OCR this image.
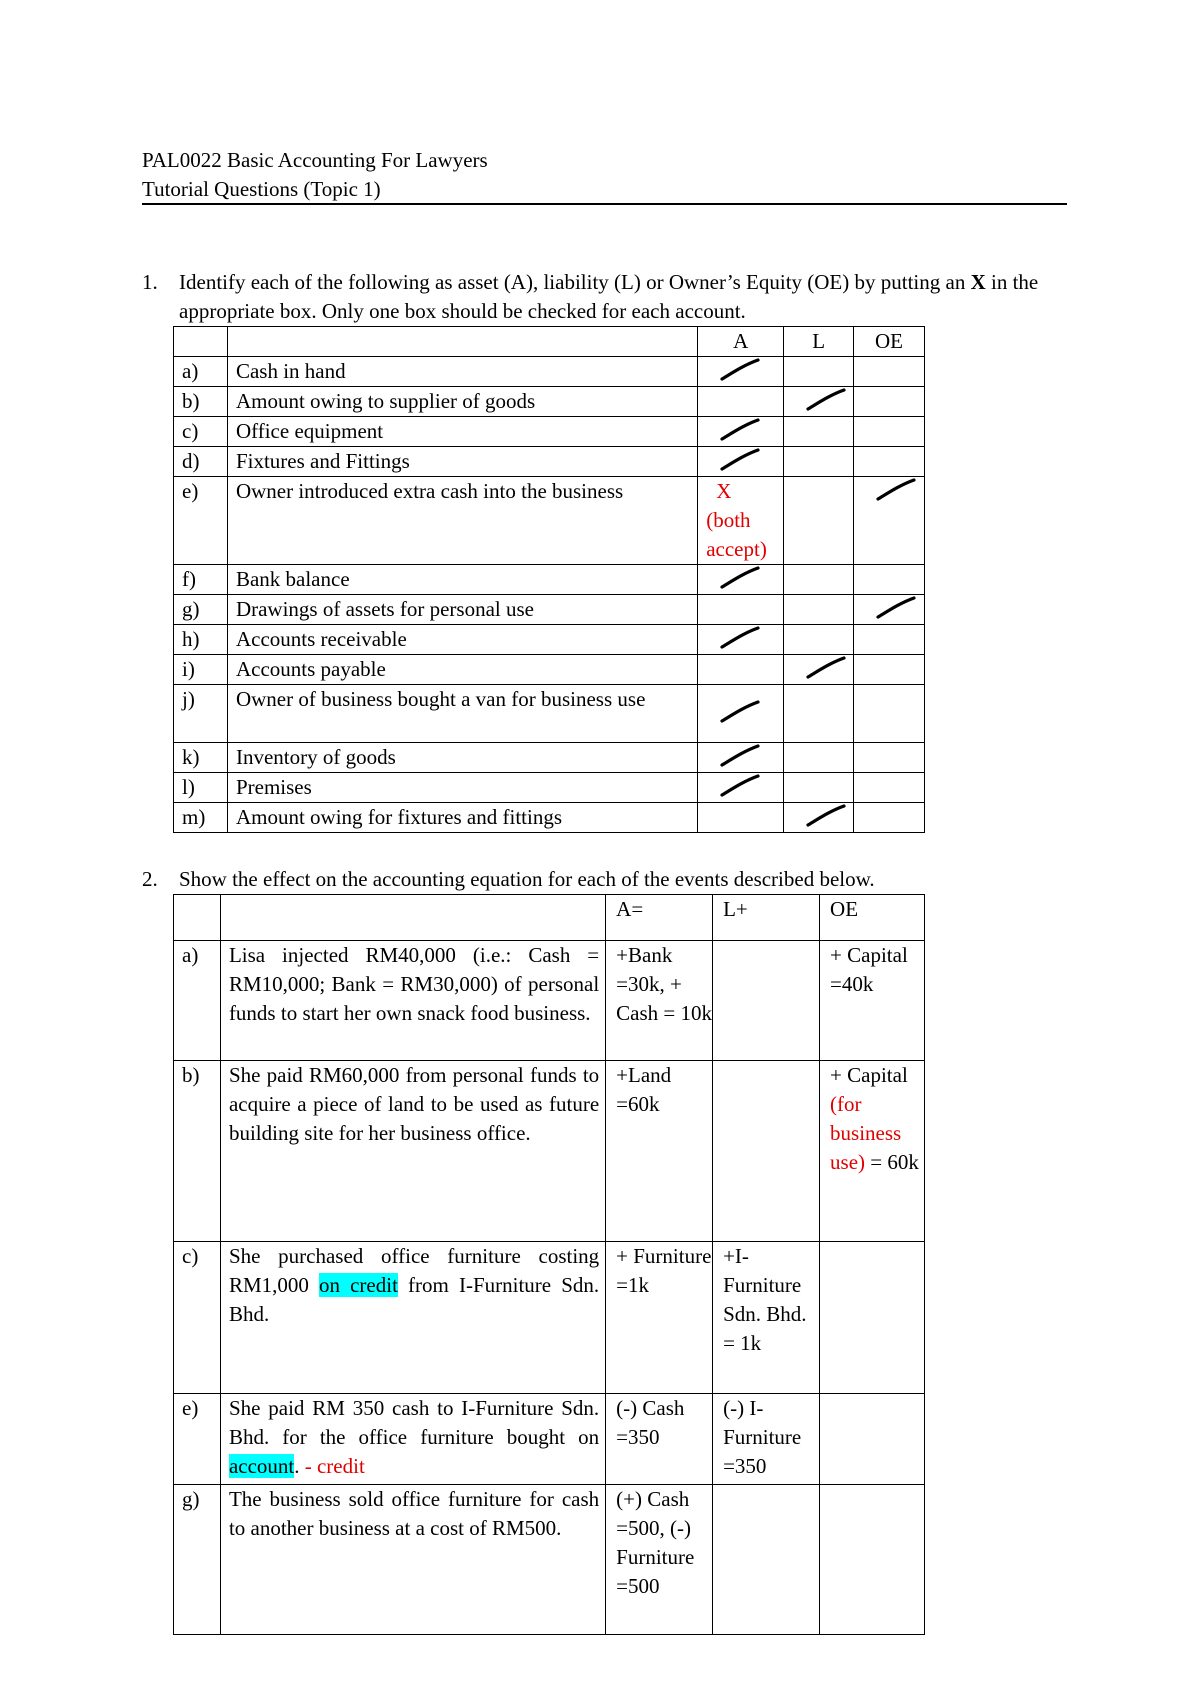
PAL0022 Basic Accounting For Lawyers
Tutorial Questions (Topic 1)
1. Identify each of the following as asset (A), liability (L) or Owner’s Equity (OE) by putting an X in the appropriate box. Only one box should be checked for each account.
		A	L	OE
a)	Cash in hand	

b)	Amount owing to supplier of goods		

c)	Office equipment	

d)	Fixtures and Fittings	

e)	Owner introduced extra cash into the business	X
(both
accept)

f)	Bank balance	

g)	Drawings of assets for personal use			

h)	Accounts receivable	

i)	Accounts payable		

j)	Owner of business bought a van for business use	

k)	Inventory of goods	

l)	Premises	

m)	Amount owing for fixtures and fittings		

2. Show the effect on the accounting equation for each of the events described below.
		A=	L+	OE
a)	Lisa injected RM40,000 (i.e.: Cash = RM10,000; Bank = RM30,000) of personal funds to start her own snack food business.	+Bank =30k, + Cash = 10k		+ Capital =40k
b)	She paid RM60,000 from personal funds to acquire a piece of land to be used as future building site for her business office.	+Land =60k		+ Capital (for business use) = 60k
c)	She purchased office furniture costing RM1,000 on credit from I-Furniture Sdn. Bhd.	+ Furniture =1k	+I-Furniture Sdn. Bhd. = 1k	
e)	She paid RM 350 cash to I-Furniture Sdn. Bhd. for the office furniture bought on account. - credit	(-) Cash =350	(-) I-Furniture =350	
g)	The business sold office furniture for cash to another business at a cost of RM500.	(+) Cash =500, (-) Furniture =500		
